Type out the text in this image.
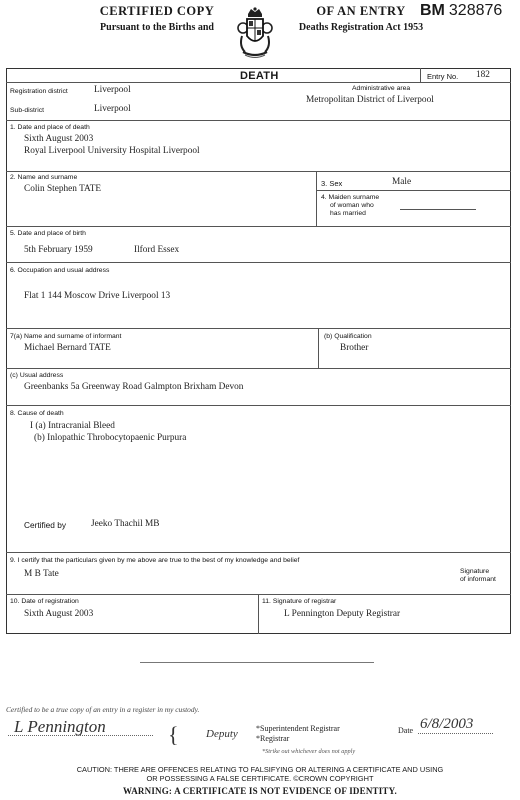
CERTIFIED COPY
Pursuant to the Births and
OF AN ENTRY
Deaths Registration Act 1953
BM 328876
DEATH	Entry No. 182
Registration district	Liverpool	Administrative area
Metropolitan District of Liverpool
Sub-district	Liverpool
1. Date and place of death
Sixth August 2003
Royal Liverpool University Hospital Liverpool
2. Name and surname
Colin Stephen TATE
3. Sex	Male
4. Maiden surname
of woman who
has married
5. Date and place of birth
5th February 1959	Ilford Essex
6. Occupation and usual address
Flat 1 144 Moscow Drive Liverpool 13
7(a) Name and surname of informant
Michael Bernard TATE
(b) Qualification
Brother
(c) Usual address
Greenbanks 5a Greenway Road Galmpton Brixham Devon
8. Cause of death
I (a) Intracranial Bleed
(b) Inlopathic Throbocytopaenic Purpura
Certified by	Jeeko Thachil MB
9. I certify that the particulars given by me above are true to the best of my knowledge and belief
M B Tate	Signature
of informant
10. Date of registration
Sixth August 2003
11. Signature of registrar
L Pennington Deputy Registrar
Certified to be a true copy of an entry in a register in my custody.
L Pennington	{ Deputy *Superintendent Registrar
*Registrar
*Strike out whichever does not apply
Date 6/8/2003
CAUTION: THERE ARE OFFENCES RELATING TO FALSIFYING OR ALTERING A CERTIFICATE AND USING
OR POSSESSING A FALSE CERTIFICATE. ©CROWN COPYRIGHT
WARNING: A CERTIFICATE IS NOT EVIDENCE OF IDENTITY.
